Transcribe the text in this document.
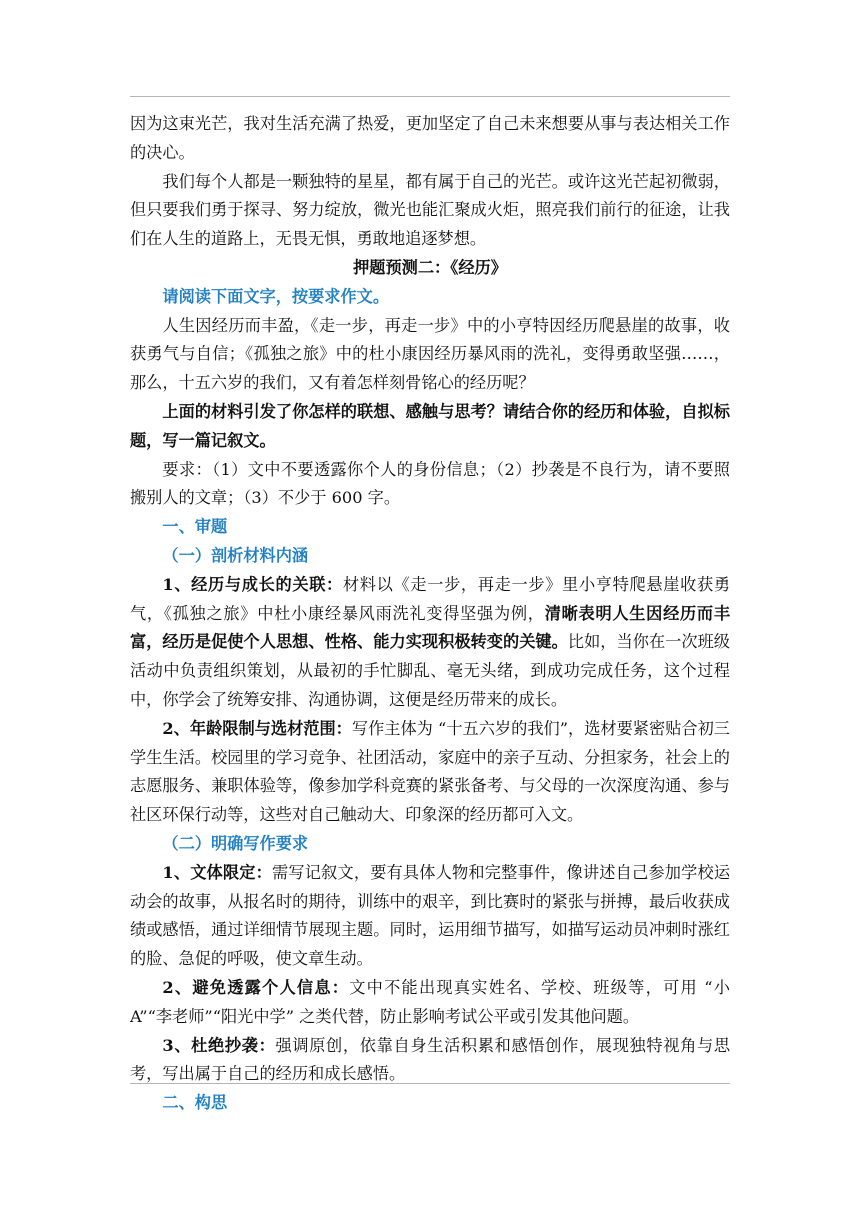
因为这束光芒，我对生活充满了热爱，更加坚定了自己未来想要从事与表达相关工作的决心。

我们每个人都是一颗独特的星星，都有属于自己的光芒。或许这光芒起初微弱，但只要我们勇于探寻、努力绽放，微光也能汇聚成火炬，照亮我们前行的征途，让我们在人生的道路上，无畏无惧，勇敢地追逐梦想。

押题预测二：《经历》

请阅读下面文字，按要求作文。

人生因经历而丰盈，《走一步，再走一步》中的小亨特因经历爬悬崖的故事，收获勇气与自信；《孤独之旅》中的杜小康因经历暴风雨的洗礼，变得勇敢坚强……，那么，十五六岁的我们，又有着怎样刻骨铭心的经历呢？

上面的材料引发了你怎样的联想、感触与思考？请结合你的经历和体验，自拟标题，写一篇记叙文。

要求：（1）文中不要透露你个人的身份信息；（2）抄袭是不良行为，请不要照搬别人的文章；（3）不少于 600 字。

一、审题

（一）剖析材料内涵

1、经历与成长的关联：材料以《走一步，再走一步》里小亨特爬悬崖收获勇气，《孤独之旅》中杜小康经暴风雨洗礼变得坚强为例，清晰表明人生因经历而丰富，经历是促使个人思想、性格、能力实现积极转变的关键。比如，当你在一次班级活动中负责组织策划，从最初的手忙脚乱、毫无头绪，到成功完成任务，这个过程中，你学会了统筹安排、沟通协调，这便是经历带来的成长。

2、年龄限制与选材范围：写作主体为 “十五六岁的我们”，选材要紧密贴合初三学生生活。校园里的学习竞争、社团活动，家庭中的亲子互动、分担家务，社会上的志愿服务、兼职体验等，像参加学科竞赛的紧张备考、与父母的一次深度沟通、参与社区环保行动等，这些对自己触动大、印象深的经历都可入文。

（二）明确写作要求

1、文体限定：需写记叙文，要有具体人物和完整事件，像讲述自己参加学校运动会的故事，从报名时的期待，训练中的艰辛，到比赛时的紧张与拼搏，最后收获成绩或感悟，通过详细情节展现主题。同时，运用细节描写，如描写运动员冲刺时涨红的脸、急促的呼吸，使文章生动。

2、避免透露个人信息：文中不能出现真实姓名、学校、班级等，可用 “小A”“李老师”“阳光中学” 之类代替，防止影响考试公平或引发其他问题。

3、杜绝抄袭：强调原创，依靠自身生活积累和感悟创作，展现独特视角与思考，写出属于自己的经历和成长感悟。

二、构思
